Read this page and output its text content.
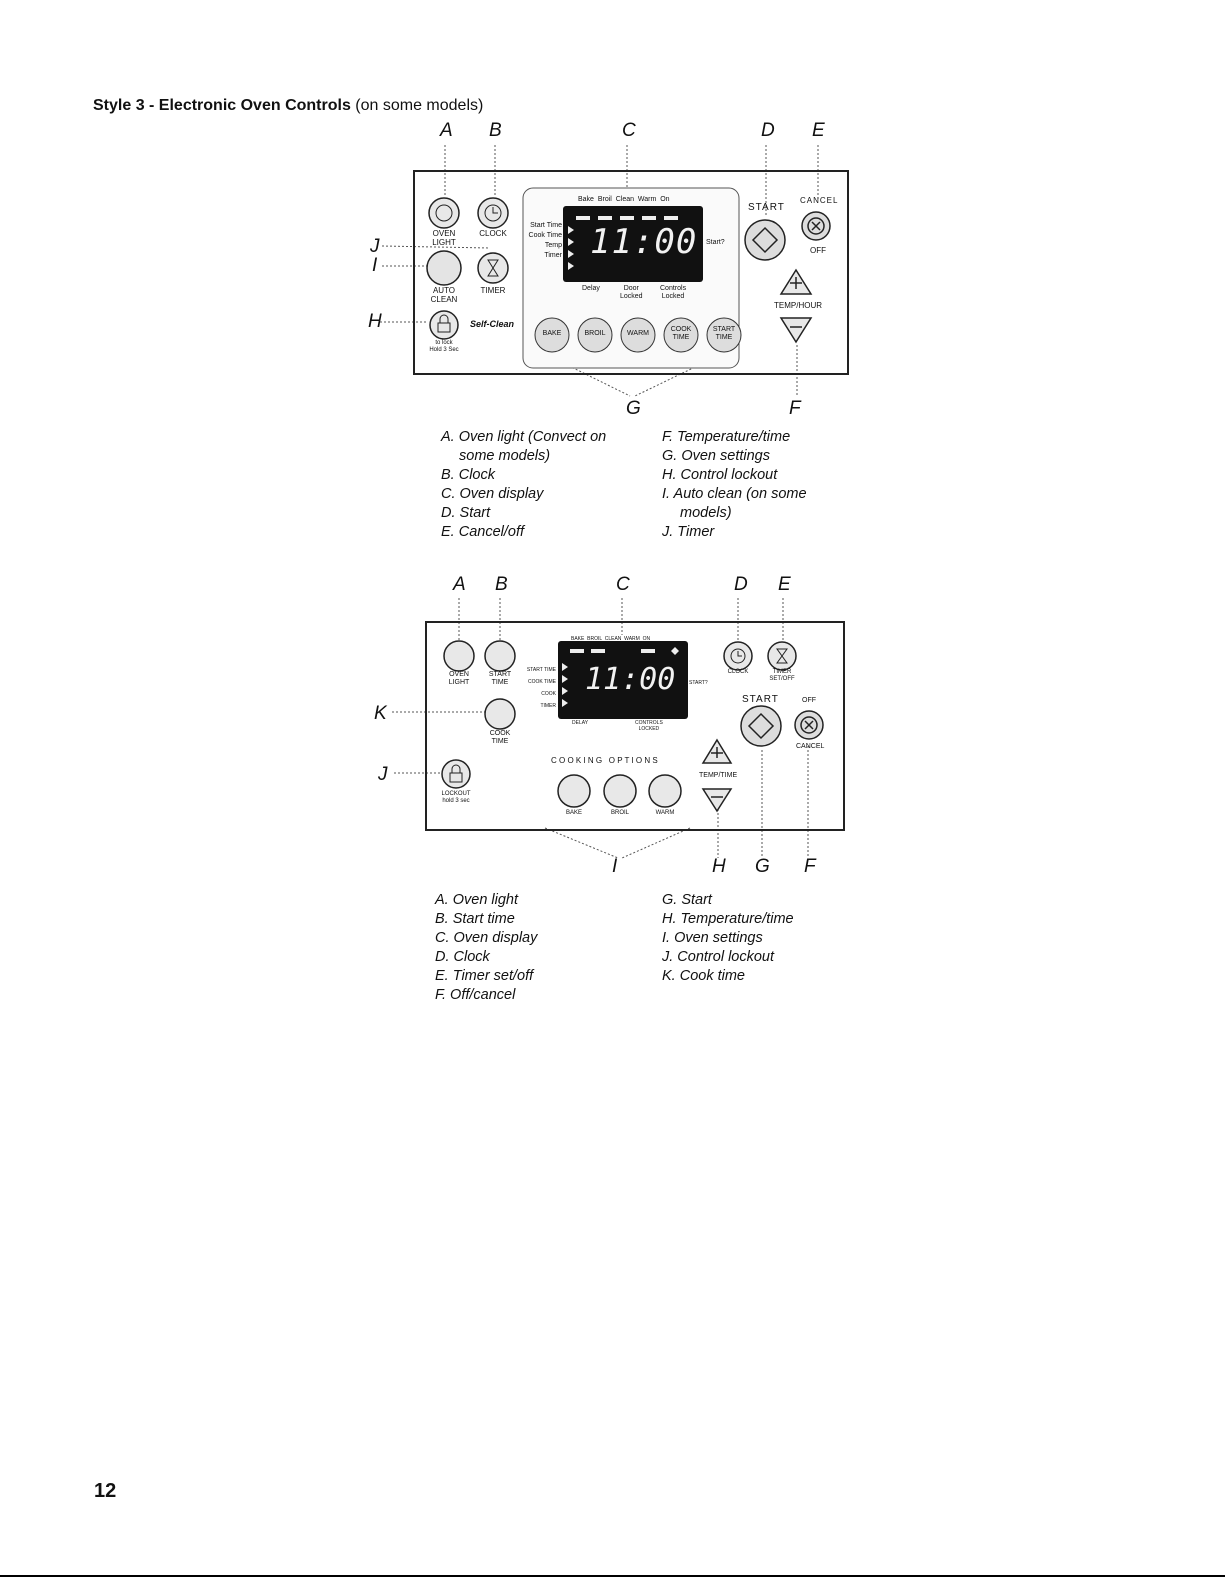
Style 3 - Electronic Oven Controls (on some models)
A B	C	D E
J
I
H
G	F
OVEN
LIGHT
CLOCK
AUTO
CLEAN
TIMER
to lock
Hold 3 Sec
Self-Clean
Bake  Broil  Clean  Warm  On
Start Time
Cook Time
Temp
Timer 11:00 Start?
Delay	Door
Locked
Controls
Locked
BAKE	BROIL	WARM
COOK
TIME
START
TIME
START
CANCEL
OFF
TEMP/HOUR
A. Oven light (Convect on
some models)
B. Clock
C. Oven display
D. Start
E. Cancel/off
F. Temperature/time
G. Oven settings
H. Control lockout
I. Auto clean (on some
models)
J. Timer
A B	C	D E
K
J
I	H G F
OVEN
LIGHT
START
TIME
COOK
TIME
LOCKOUT
hold 3 sec
BAKE  BROIL  CLEAN  WARM  ON
START TIME
COOK TIME
COOK
TIMER
11:00	START?
DELAY	CONTROLS
LOCKED
CLOCK	TIMER
SET/OFF
START	OFF
CANCEL
TEMP/TIME
C O O K I N G   O P T I O N S
BAKE	BROIL	WARM
A. Oven light
B. Start time
C. Oven display
D. Clock
E. Timer set/off
F. Off/cancel
G. Start
H. Temperature/time
I. Oven settings
J. Control lockout
K. Cook time
12
